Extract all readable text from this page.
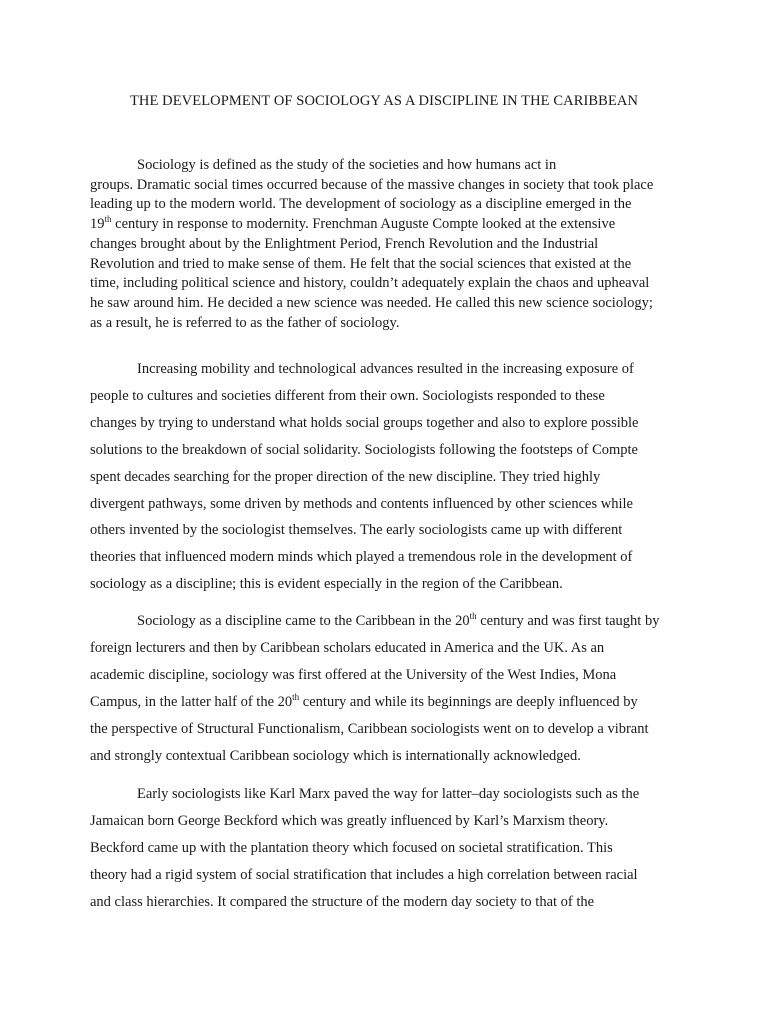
THE DEVELOPMENT OF SOCIOLOGY AS A DISCIPLINE IN THE CARIBBEAN
Sociology is defined as the study of the societies and how humans act in
groups. Dramatic social times occurred because of the massive changes in society that took place
leading up to the modern world. The development of sociology as a discipline emerged in the
19th century in response to modernity. Frenchman Auguste Compte looked at the extensive
changes brought about by the Enlightment Period, French Revolution and the Industrial
Revolution and tried to make sense of them. He felt that the social sciences that existed at the
time, including political science and history, couldn’t adequately explain the chaos and upheaval
he saw around him. He decided a new science was needed. He called this new science sociology;
as a result, he is referred to as the father of sociology.
Increasing mobility and technological advances resulted in the increasing exposure of
people to cultures and societies different from their own. Sociologists responded to these
changes by trying to understand what holds social groups together and also to explore possible
solutions to the breakdown of social solidarity. Sociologists following the footsteps of Compte
spent decades searching for the proper direction of the new discipline. They tried highly
divergent pathways, some driven by methods and contents influenced by other sciences while
others invented by the sociologist themselves. The early sociologists came up with different
theories that influenced modern minds which played a tremendous role in the development of
sociology as a discipline; this is evident especially in the region of the Caribbean.
Sociology as a discipline came to the Caribbean in the 20th century and was first taught by
foreign lecturers and then by Caribbean scholars educated in America and the UK. As an
academic discipline, sociology was first offered at the University of the West Indies, Mona
Campus, in the latter half of the 20th century and while its beginnings are deeply influenced by
the perspective of Structural Functionalism, Caribbean sociologists went on to develop a vibrant
and strongly contextual Caribbean sociology which is internationally acknowledged.
Early sociologists like Karl Marx paved the way for latter–day sociologists such as the
Jamaican born George Beckford which was greatly influenced by Karl’s Marxism theory.
Beckford came up with the plantation theory which focused on societal stratification. This
theory had a rigid system of social stratification that includes a high correlation between racial
and class hierarchies. It compared the structure of the modern day society to that of the
